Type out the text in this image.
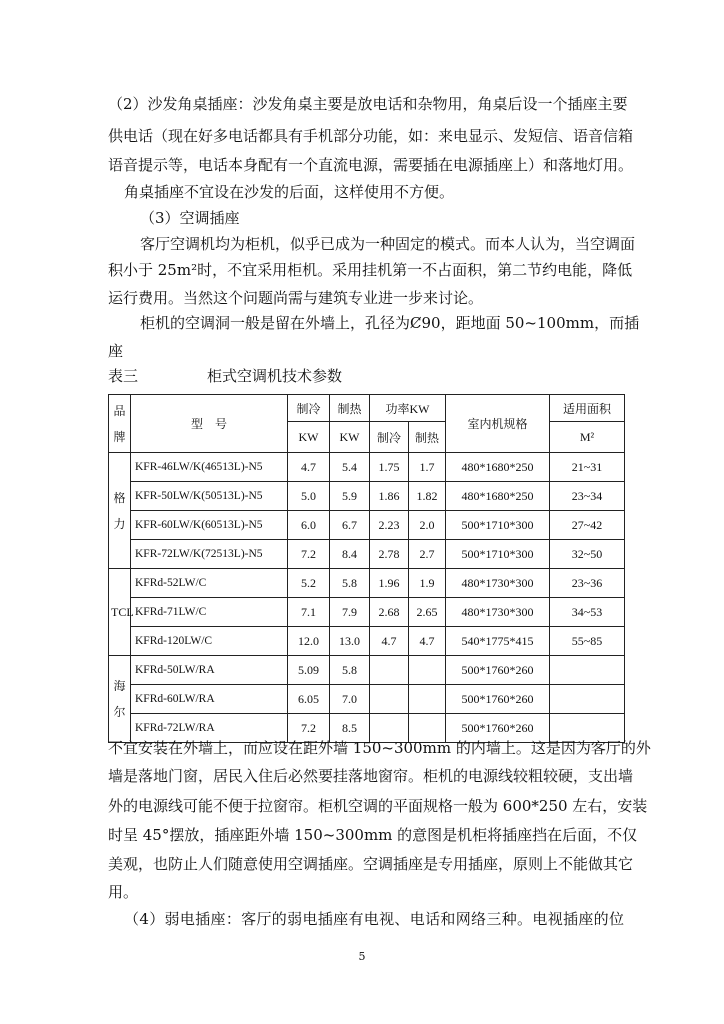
（2）沙发角桌插座：沙发角桌主要是放电话和杂物用，角桌后设一个插座主要
供电话（现在好多电话都具有手机部分功能，如：来电显示、发短信、语音信箱
语音提示等，电话本身配有一个直流电源，需要插在电源插座上）和落地灯用。
角桌插座不宜设在沙发的后面，这样使用不方便。
（3）空调插座
客厅空调机均为柜机，似乎已成为一种固定的模式。而本人认为，当空调面
积小于 25m²时，不宜采用柜机。采用挂机第一不占面积，第二节约电能，降低
运行费用。当然这个问题尚需与建筑专业进一步来讨论。
柜机的空调洞一般是留在外墙上，孔径为Ȼ90，距地面 50~100mm，而插
座
表三	柜式空调机技术参数
品牌	型　号	制冷	制热	功率KW		室内机规格	适用面积
		KW	KW	制冷	制热		M²
格力	KFR-46LW/K(46513L)-N5	4.7	5.4	1.75	1.7	480*1680*250	21~31
	KFR-50LW/K(50513L)-N5	5.0	5.9	1.86	1.82	480*1680*250	23~34
	KFR-60LW/K(60513L)-N5	6.0	6.7	2.23	2.0	500*1710*300	27~42
	KFR-72LW/K(72513L)-N5	7.2	8.4	2.78	2.7	500*1710*300	32~50
TCL	KFRd-52LW/C	5.2	5.8	1.96	1.9	480*1730*300	23~36
	KFRd-71LW/C	7.1	7.9	2.68	2.65	480*1730*300	34~53
	KFRd-120LW/C	12.0	13.0	4.7	4.7	540*1775*415	55~85
海尔	KFRd-50LW/RA	5.09	5.8			500*1760*260	
	KFRd-60LW/RA	6.05	7.0			500*1760*260	
	KFRd-72LW/RA	7.2	8.5			500*1760*260	
不宜安装在外墙上，而应设在距外墙 150~300mm 的内墙上。这是因为客厅的外
墙是落地门窗，居民入住后必然要挂落地窗帘。柜机的电源线较粗较硬，支出墙
外的电源线可能不便于拉窗帘。柜机空调的平面规格一般为 600*250 左右，安装
时呈 45°摆放，插座距外墙 150~300mm 的意图是机柜将插座挡在后面，不仅
美观，也防止人们随意使用空调插座。空调插座是专用插座，原则上不能做其它
用。
（4）弱电插座：客厅的弱电插座有电视、电话和网络三种。电视插座的位
5
